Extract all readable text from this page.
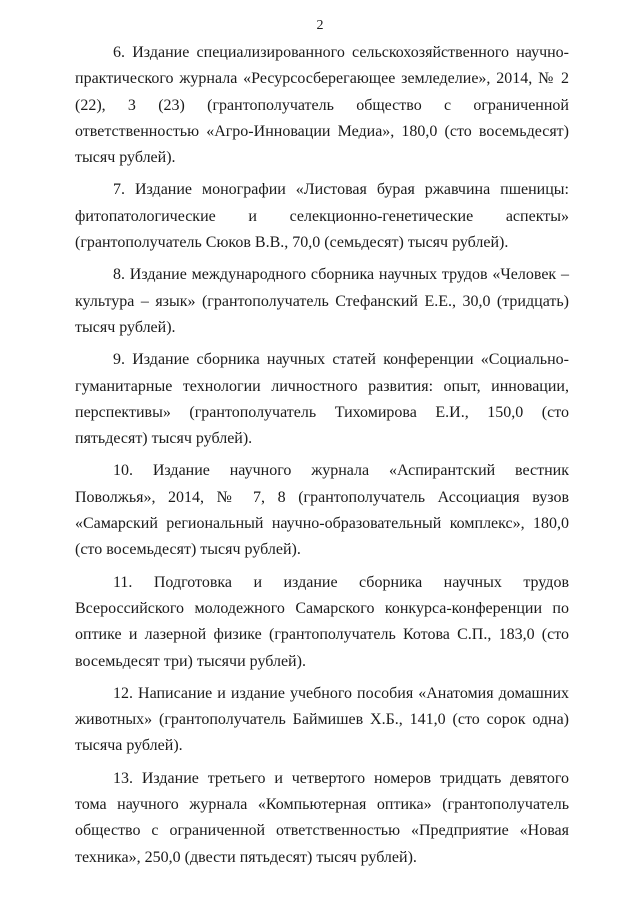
2

6. Издание специализированного сельскохозяйственного научно-практического журнала «Ресурсосберегающее земледелие», 2014, № 2 (22), 3 (23) (грантополучатель общество с ограниченной ответственностью «Агро-Инновации Медиа», 180,0 (сто восемьдесят) тысяч рублей).

7. Издание монографии «Листовая бурая ржавчина пшеницы: фитопатологические и селекционно-генетические аспекты» (грантополучатель Сюков В.В., 70,0 (семьдесят) тысяч рублей).

8. Издание международного сборника научных трудов «Человек – культура – язык» (грантополучатель Стефанский Е.Е., 30,0 (тридцать) тысяч рублей).

9. Издание сборника научных статей конференции «Социально-гуманитарные технологии личностного развития: опыт, инновации, перспективы» (грантополучатель Тихомирова Е.И., 150,0 (сто пятьдесят) тысяч рублей).

10. Издание научного журнала «Аспирантский вестник Поволжья», 2014, № 7, 8 (грантополучатель Ассоциация вузов «Самарский региональный научно-образовательный комплекс», 180,0 (сто восемьдесят) тысяч рублей).

11. Подготовка и издание сборника научных трудов Всероссийского молодежного Самарского конкурса-конференции по оптике и лазерной физике (грантополучатель Котова С.П., 183,0 (сто восемьдесят три) тысячи рублей).

12. Написание и издание учебного пособия «Анатомия домашних животных» (грантополучатель Баймишев Х.Б., 141,0 (сто сорок одна) тысяча рублей).

13. Издание третьего и четвертого номеров тридцать девятого тома научного журнала «Компьютерная оптика» (грантополучатель общество с ограниченной ответственностью «Предприятие «Новая техника», 250,0 (двести пятьдесят) тысяч рублей).
